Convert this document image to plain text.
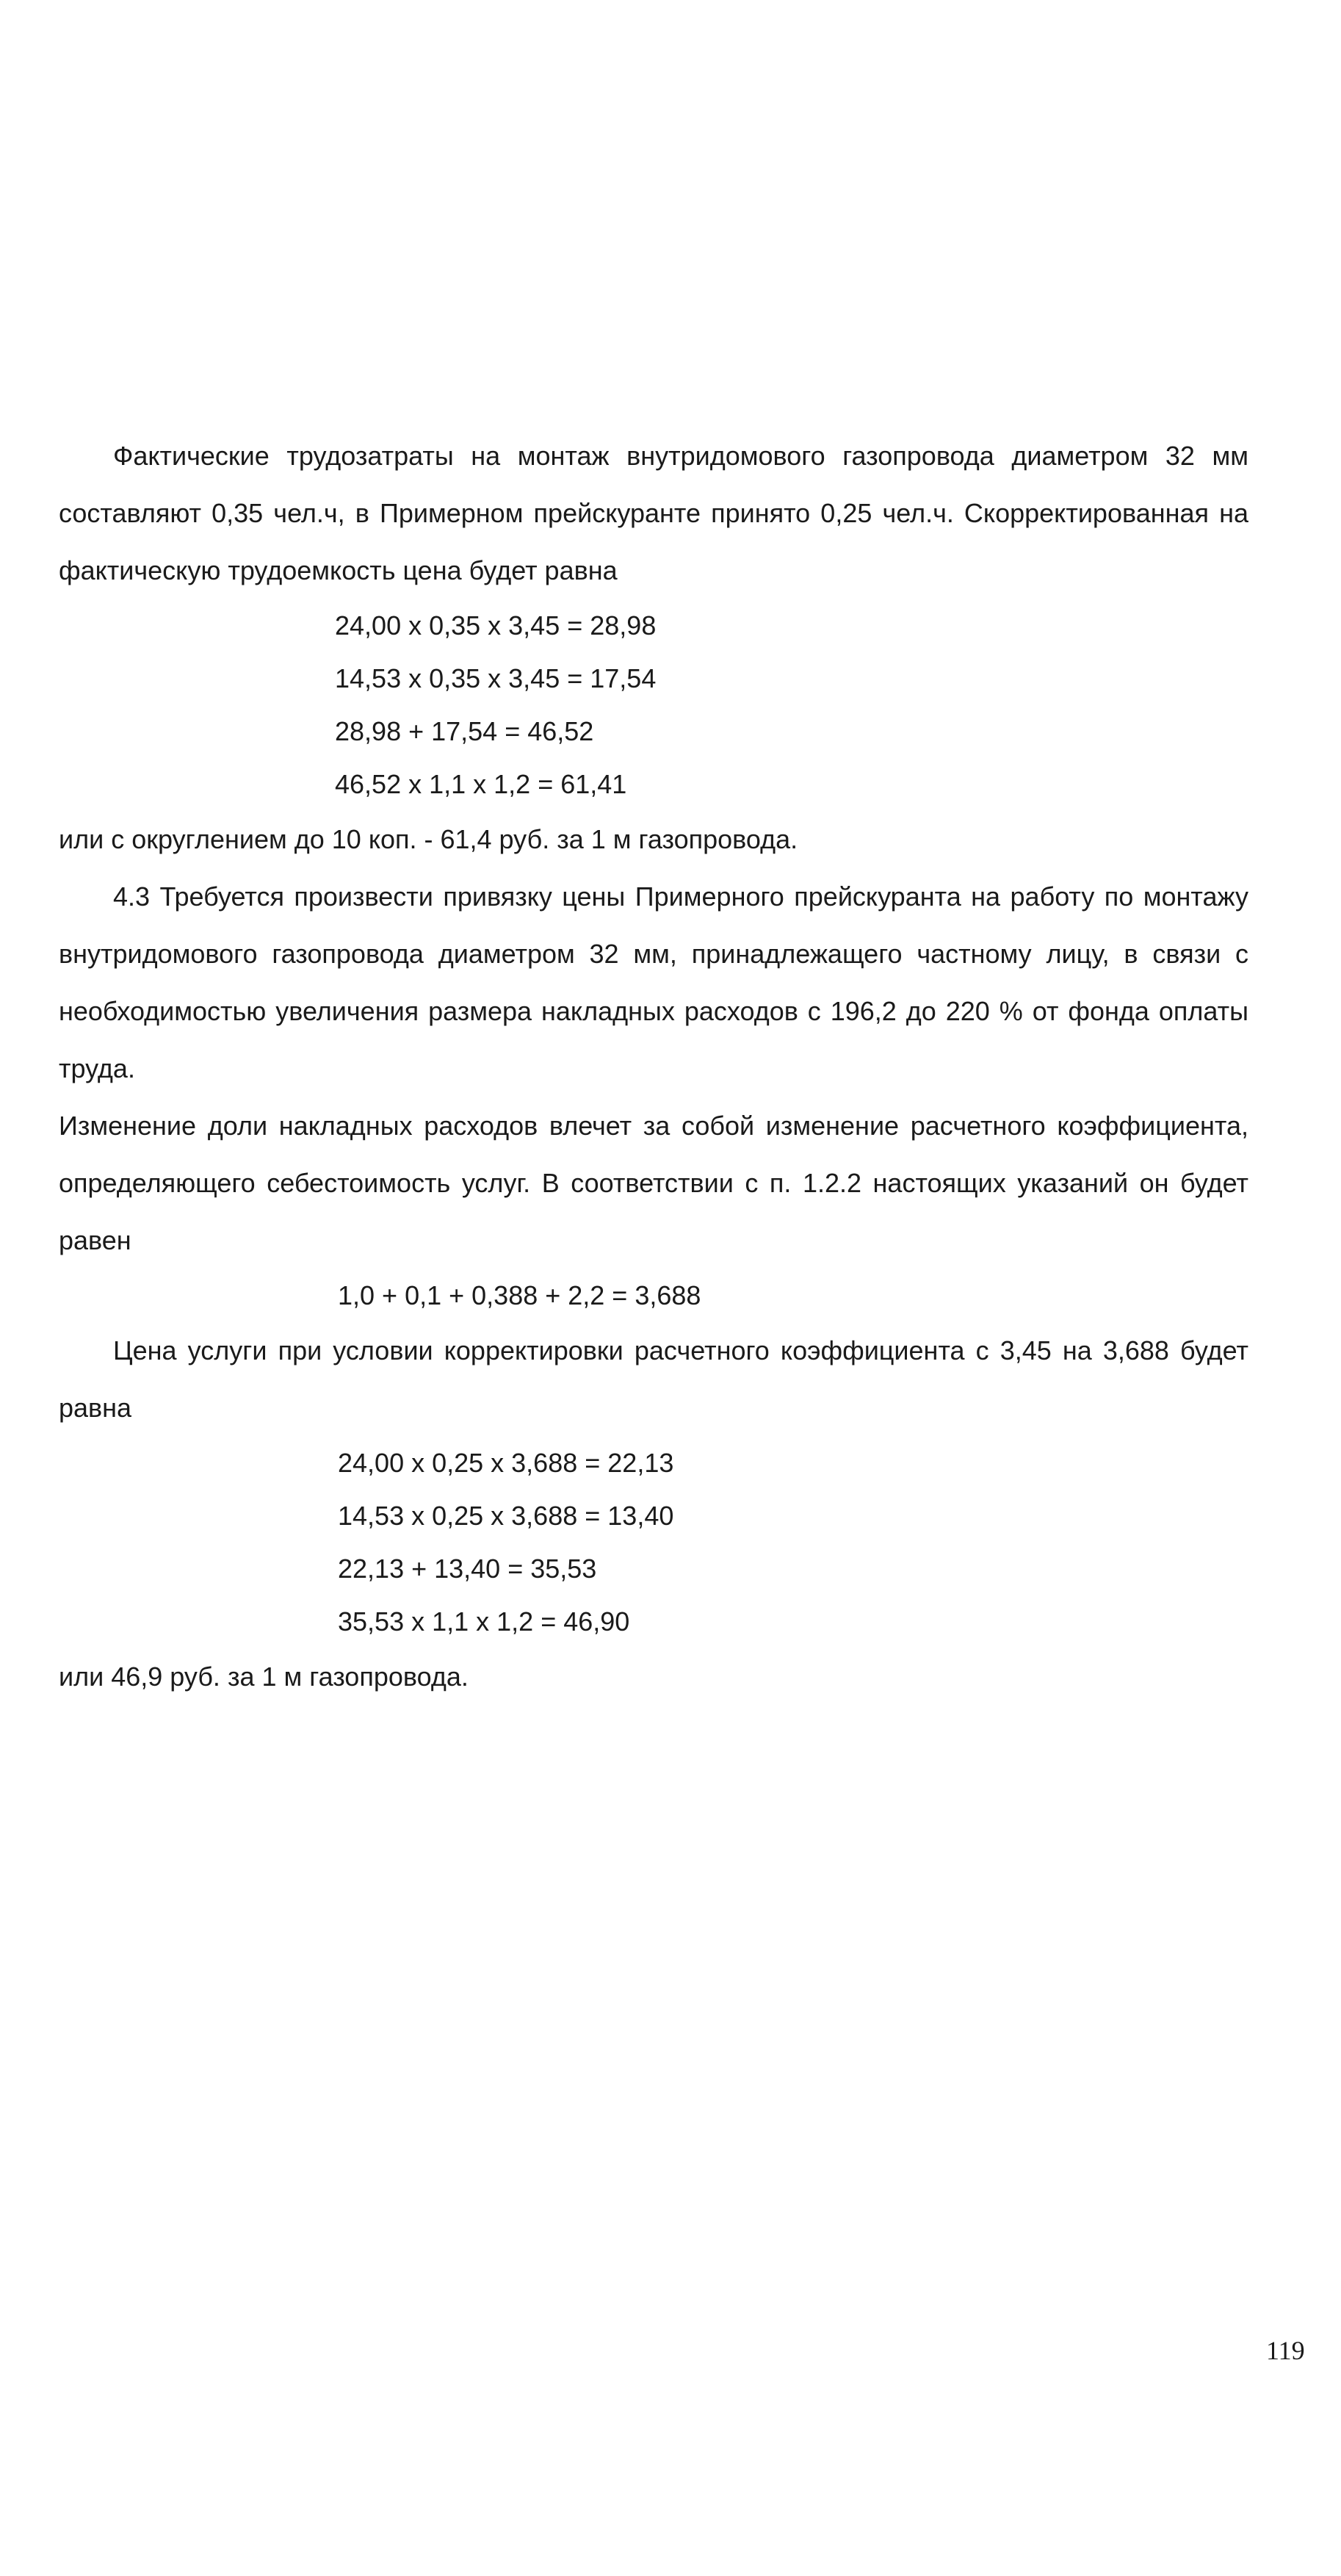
Фактические трудозатраты на монтаж внутридомового газопровода диаметром 32 мм составляют 0,35 чел.ч, в Примерном прейскуранте принято 0,25 чел.ч. Скорректированная на фактическую трудоемкость цена будет равна

24,00 х 0,35 х 3,45 = 28,98

14,53 х 0,35 х 3,45 = 17,54

28,98 + 17,54 = 46,52

46,52 х 1,1 х 1,2 = 61,41

или с округлением до 10 коп. - 61,4 руб. за 1 м газопровода.

4.3 Требуется произвести привязку цены Примерного прейскуранта на работу по монтажу внутридомового газопровода диаметром 32 мм, принадлежащего частному лицу, в связи с необходимостью увеличения размера накладных расходов с 196,2 до 220 % от фонда оплаты труда.

Изменение доли накладных расходов влечет за собой изменение расчетного коэффициента, определяющего себестоимость услуг. В соответствии с п. 1.2.2 настоящих указаний он будет равен

1,0 + 0,1 + 0,388 + 2,2 = 3,688

Цена услуги при условии корректировки расчетного коэффициента с 3,45 на 3,688 будет равна

24,00 х 0,25 х 3,688 = 22,13

14,53 х 0,25 х 3,688 = 13,40

22,13 + 13,40 = 35,53

35,53 х 1,1 х 1,2 = 46,90

или 46,9 руб. за 1 м газопровода.

119
